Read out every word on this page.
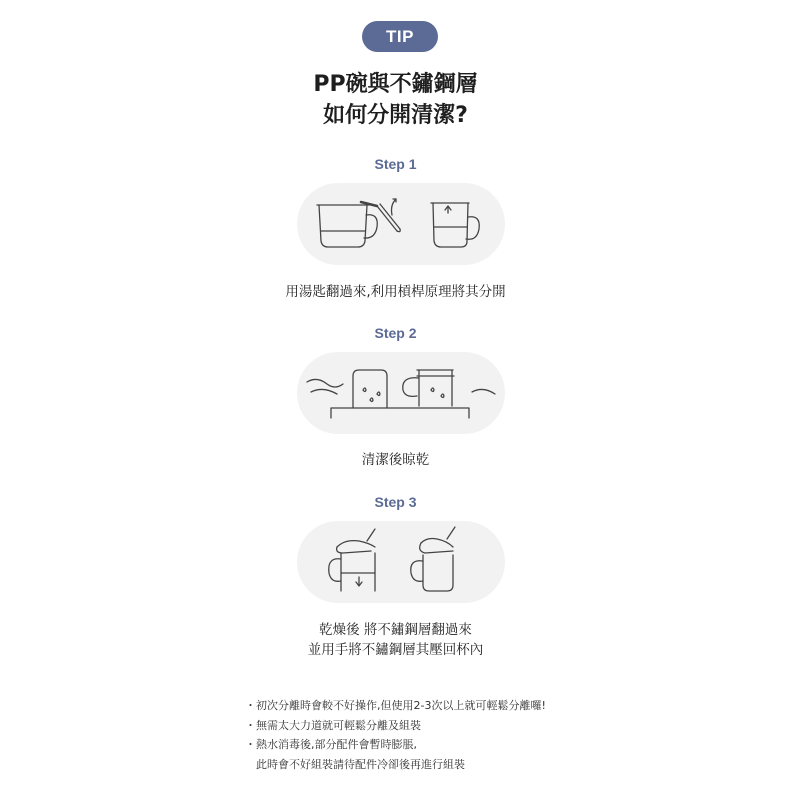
TIP
PP碗與不鏽鋼層
如何分開清潔?
Step 1
用湯匙翻過來,利用槓桿原理將其分開
Step 2
清潔後晾乾
Step 3
乾燥後 將不鏽鋼層翻過來
並用手將不鏽鋼層其壓回杯內
・初次分離時會較不好操作,但使用2-3次以上就可輕鬆分離囉!
・無需太大力道就可輕鬆分離及組裝
・熱水消毒後,部分配件會暫時膨脹,
　此時會不好組裝請待配件冷卻後再進行組裝
